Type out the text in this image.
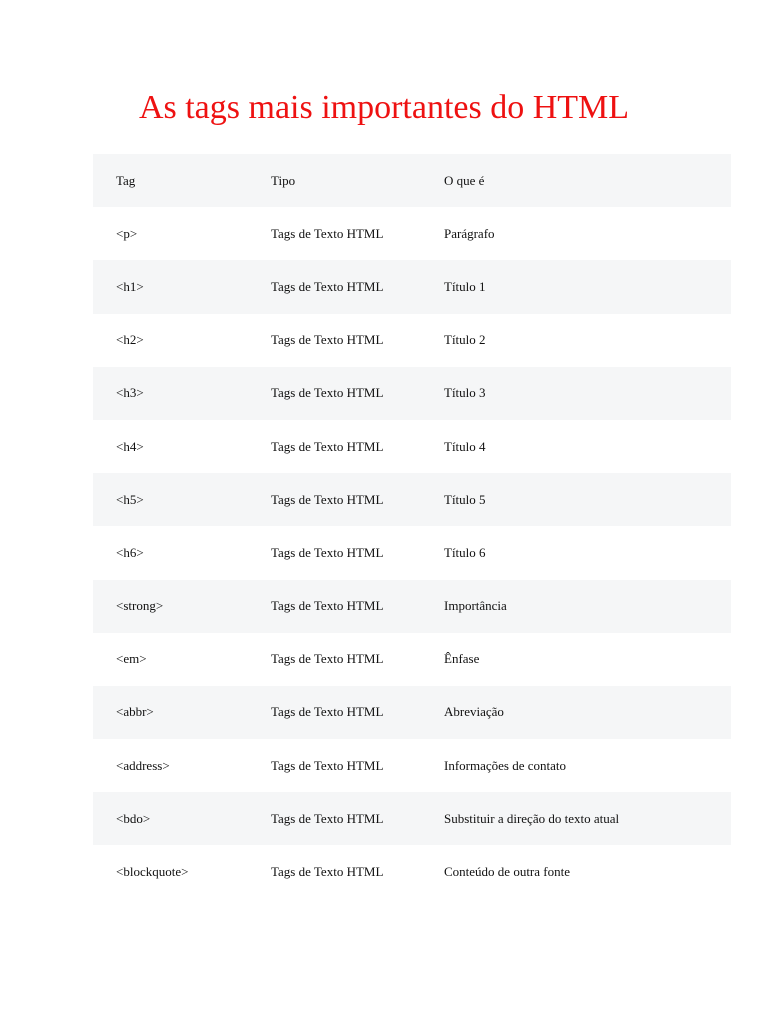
As tags mais importantes do HTML
Tag	Tipo	O que é
<p>	Tags de Texto HTML	Parágrafo
<h1>	Tags de Texto HTML	Título 1
<h2>	Tags de Texto HTML	Título 2
<h3>	Tags de Texto HTML	Título 3
<h4>	Tags de Texto HTML	Título 4
<h5>	Tags de Texto HTML	Título 5
<h6>	Tags de Texto HTML	Título 6
<strong>	Tags de Texto HTML	Importância
<em>	Tags de Texto HTML	Ênfase
<abbr>	Tags de Texto HTML	Abreviação
<address>	Tags de Texto HTML	Informações de contato
<bdo>	Tags de Texto HTML	Substituir a direção do texto atual
<blockquote>	Tags de Texto HTML	Conteúdo de outra fonte
